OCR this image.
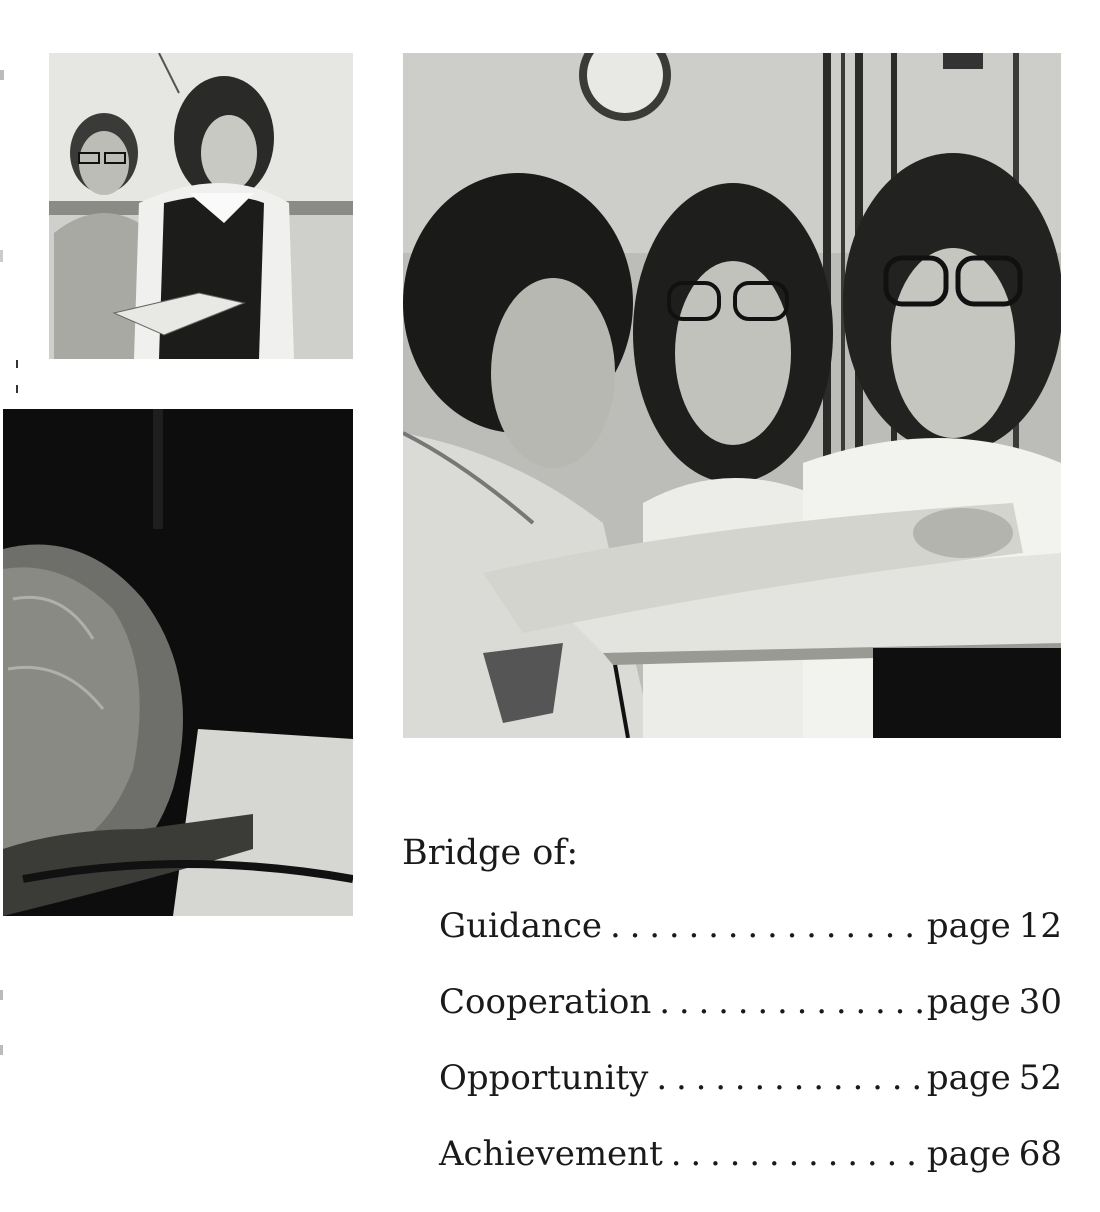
Bridge of:
Guidance . . .	page 12
Cooperation . . .	page 30
Opportunity . . .	page 52
Achievement . . .	page 68
